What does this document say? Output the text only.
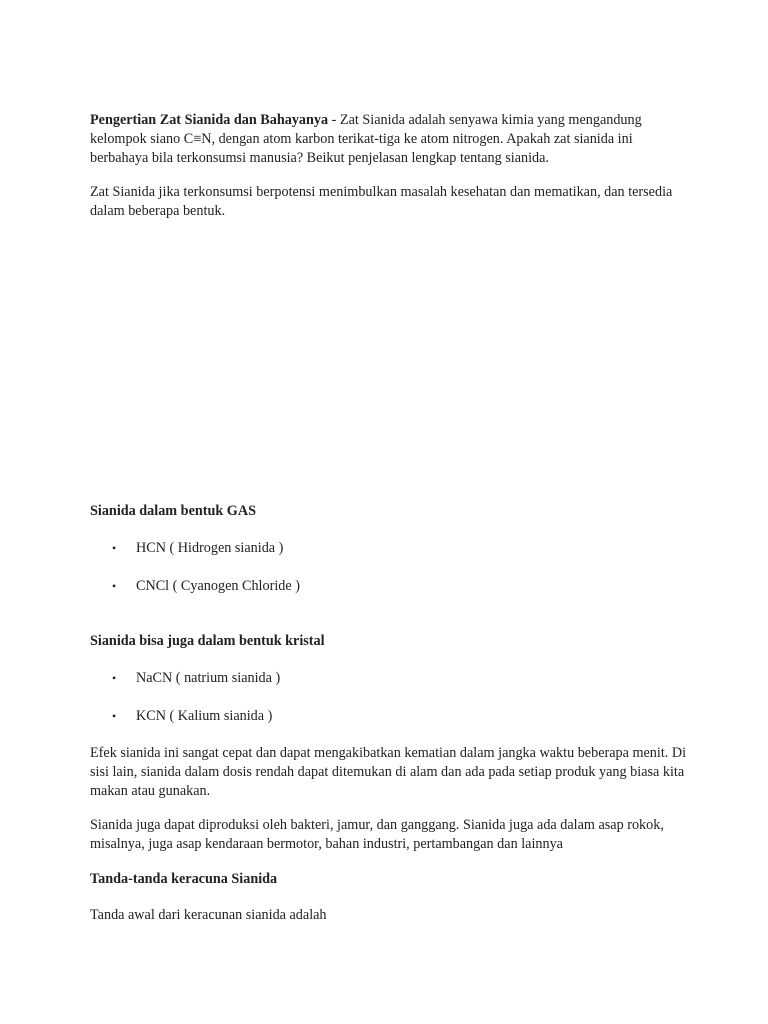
Pengertian Zat Sianida dan Bahayanya - Zat Sianida adalah senyawa kimia yang mengandung kelompok siano C≡N, dengan atom karbon terikat-tiga ke atom nitrogen. Apakah zat sianida ini berbahaya bila terkonsumsi manusia? Beikut penjelasan lengkap tentang sianida.

Zat Sianida jika terkonsumsi berpotensi menimbulkan masalah kesehatan dan mematikan, dan tersedia dalam beberapa bentuk.

Sianida dalam bentuk GAS

•	HCN ( Hidrogen sianida )

•	CNCl ( Cyanogen Chloride )

Sianida bisa juga dalam bentuk kristal

•	NaCN ( natrium sianida )

•	KCN ( Kalium sianida )

Efek sianida ini sangat cepat dan dapat mengakibatkan kematian dalam jangka waktu beberapa menit. Di sisi lain, sianida dalam dosis rendah dapat ditemukan di alam dan ada pada setiap produk yang biasa kita makan atau gunakan.

Sianida juga dapat diproduksi oleh bakteri, jamur, dan ganggang. Sianida juga ada dalam asap rokok, misalnya, juga asap kendaraan bermotor, bahan industri, pertambangan dan lainnya

Tanda-tanda keracuna Sianida

Tanda awal dari keracunan sianida adalah
